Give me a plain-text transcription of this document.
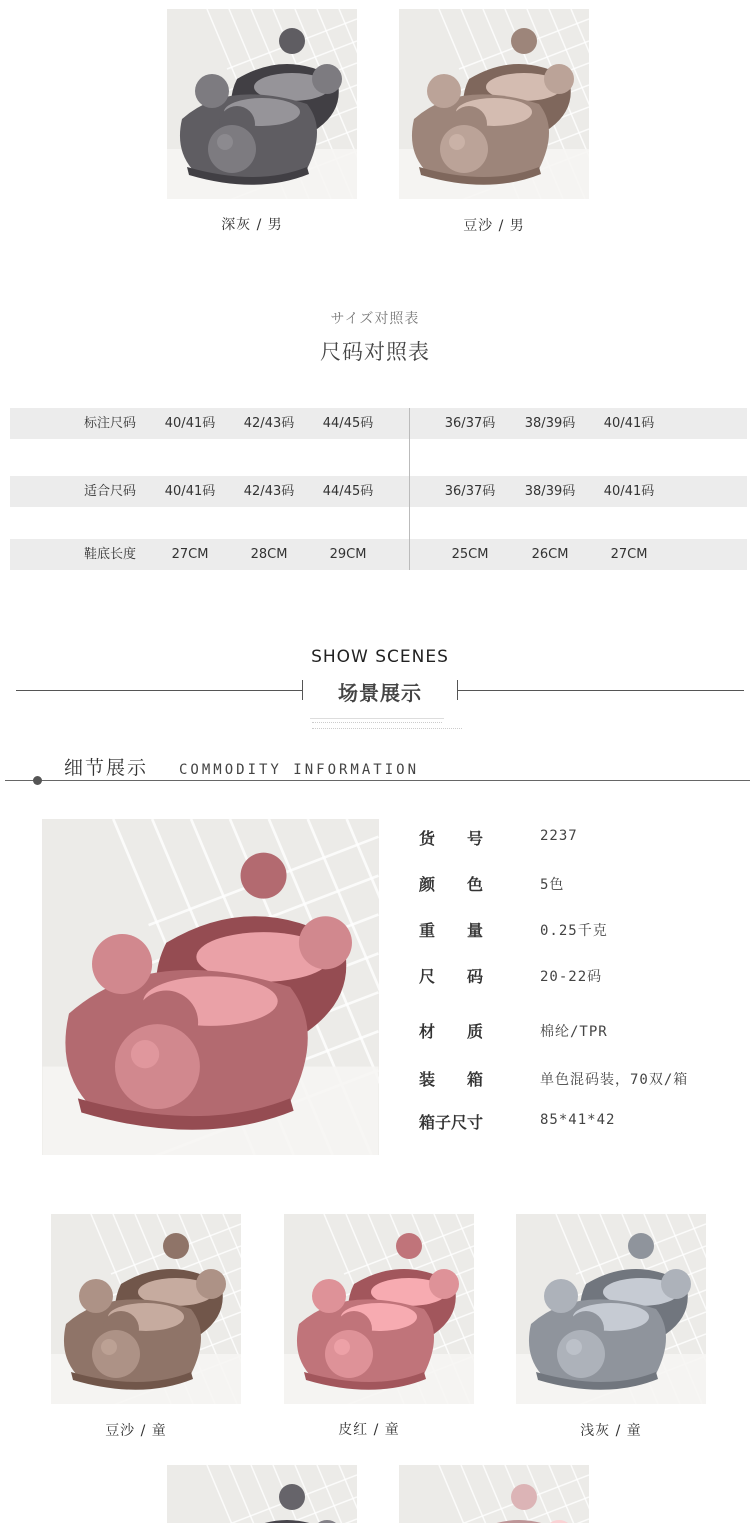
深灰 / 男	豆沙 / 男
サイズ对照表
尺码对照表
标注尺码	40/41码	42/43码	44/45码	36/37码	38/39码	40/41码
适合尺码	40/41码	42/43码	44/45码	36/37码	38/39码	40/41码
鞋底长度	27CM	28CM	29CM	25CM	26CM	27CM
SHOW SCENES
场景展示
细节展示 COMMODITY INFORMATION
货　　号	2237
颜　　色	5色
重　　量	0.25千克
尺　　码	20-22码
材　　质	棉纶/TPR
装　　箱	单色混码装，70双/箱
箱子尺寸	85*41*42
豆沙 / 童	皮红 / 童	浅灰 / 童
